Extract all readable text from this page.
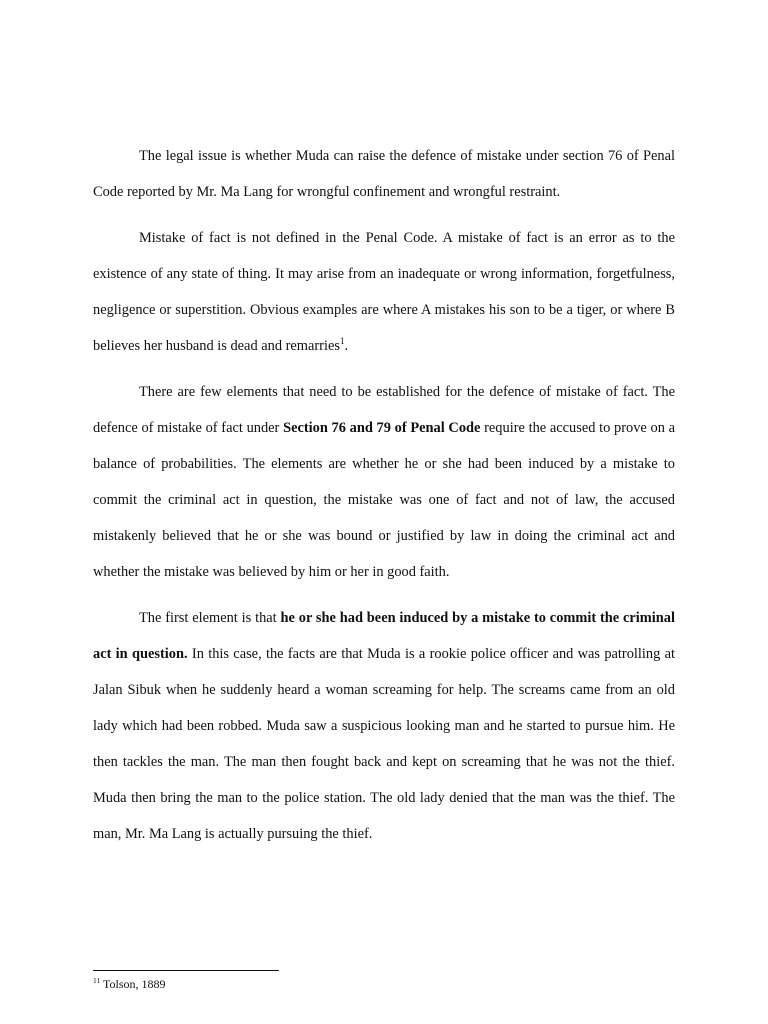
The legal issue is whether Muda can raise the defence of mistake under section 76 of Penal Code reported by Mr. Ma Lang for wrongful confinement and wrongful restraint.

Mistake of fact is not defined in the Penal Code. A mistake of fact is an error as to the existence of any state of thing. It may arise from an inadequate or wrong information, forgetfulness, negligence or superstition. Obvious examples are where A mistakes his son to be a tiger, or where B believes her husband is dead and remarries$^1$.

There are few elements that need to be established for the defence of mistake of fact. The defence of mistake of fact under Section 76 and 79 of Penal Code require the accused to prove on a balance of probabilities. The elements are whether he or she had been induced by a mistake to commit the criminal act in question, the mistake was one of fact and not of law, the accused mistakenly believed that he or she was bound or justified by law in doing the criminal act and whether the mistake was believed by him or her in good faith.

The first element is that he or she had been induced by a mistake to commit the criminal act in question. In this case, the facts are that Muda is a rookie police officer and was patrolling at Jalan Sibuk when he suddenly heard a woman screaming for help. The screams came from an old lady which had been robbed. Muda saw a suspicious looking man and he started to pursue him. He then tackles the man. The man then fought back and kept on screaming that he was not the thief. Muda then bring the man to the police station. The old lady denied that the man was the thief. The man, Mr. Ma Lang is actually pursuing the thief.

$^{11}$ Tolson, 1889
